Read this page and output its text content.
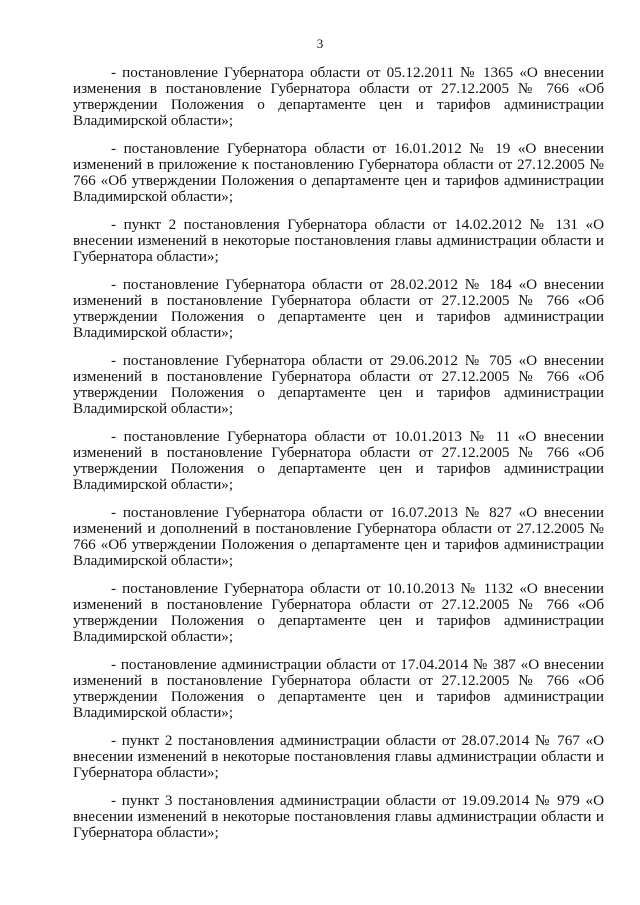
3

- постановление Губернатора области от 05.12.2011 № 1365 «О внесении изменения в постановление Губернатора области от 27.12.2005 № 766 «Об утверждении Положения о департаменте цен и тарифов администрации Владимирской области»;

- постановление Губернатора области от 16.01.2012 № 19 «О внесении изменений в приложение к постановлению Губернатора области от 27.12.2005 № 766 «Об утверждении Положения о департаменте цен и тарифов администрации Владимирской области»;

- пункт 2 постановления Губернатора области от 14.02.2012 № 131 «О внесении изменений в некоторые постановления главы администрации области и Губернатора области»;

- постановление Губернатора области от 28.02.2012 № 184 «О внесении изменений в постановление Губернатора области от 27.12.2005 № 766 «Об утверждении Положения о департаменте цен и тарифов администрации Владимирской области»;

- постановление Губернатора области от 29.06.2012 № 705 «О внесении изменений в постановление Губернатора области от 27.12.2005 № 766 «Об утверждении Положения о департаменте цен и тарифов администрации Владимирской области»;

- постановление Губернатора области от 10.01.2013 № 11 «О внесении изменений в постановление Губернатора области от 27.12.2005 № 766 «Об утверждении Положения о департаменте цен и тарифов администрации Владимирской области»;

- постановление Губернатора области от 16.07.2013 № 827 «О внесении изменений и дополнений в постановление Губернатора области от 27.12.2005 № 766 «Об утверждении Положения о департаменте цен и тарифов администрации Владимирской области»;

- постановление Губернатора области от 10.10.2013 № 1132 «О внесении изменений в постановление Губернатора области от 27.12.2005 № 766 «Об утверждении Положения о департаменте цен и тарифов администрации Владимирской области»;

- постановление администрации области от 17.04.2014 № 387 «О внесении изменений в постановление Губернатора области от 27.12.2005 № 766 «Об утверждении Положения о департаменте цен и тарифов администрации Владимирской области»;

- пункт 2 постановления администрации области от 28.07.2014 № 767 «О внесении изменений в некоторые постановления главы администрации области и Губернатора области»;

- пункт 3 постановления администрации области от 19.09.2014 № 979 «О внесении изменений в некоторые постановления главы администрации области и Губернатора области»;
